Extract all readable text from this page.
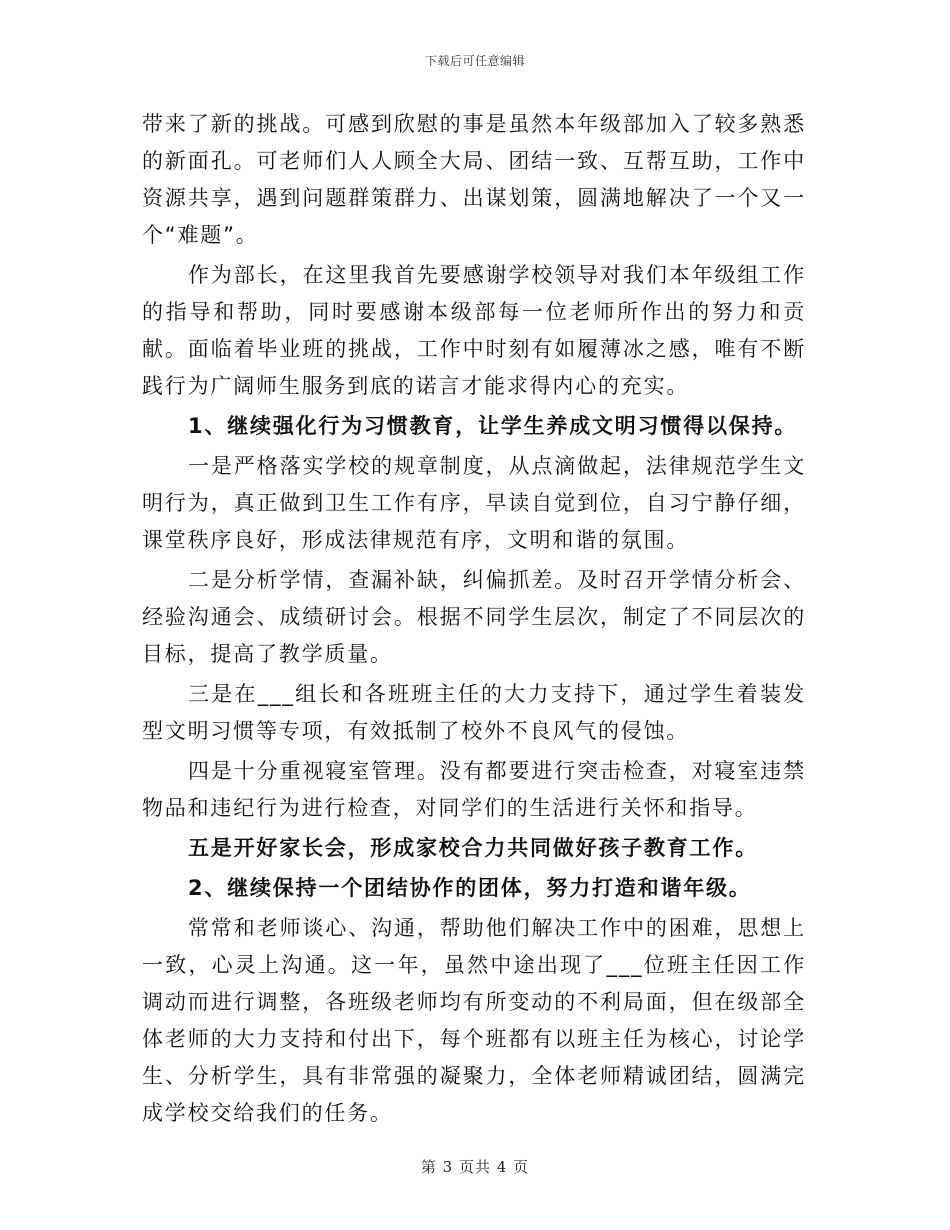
下载后可任意编辑

带来了新的挑战。可感到欣慰的事是虽然本年级部加入了较多熟悉的新面孔。可老师们人人顾全大局、团结一致、互帮互助，工作中资源共享，遇到问题群策群力、出谋划策，圆满地解决了一个又一个“难题”。

作为部长，在这里我首先要感谢学校领导对我们本年级组工作的指导和帮助，同时要感谢本级部每一位老师所作出的努力和贡献。面临着毕业班的挑战，工作中时刻有如履薄冰之感，唯有不断践行为广阔师生服务到底的诺言才能求得内心的充实。

1、继续强化行为习惯教育，让学生养成文明习惯得以保持。

一是严格落实学校的规章制度，从点滴做起，法律规范学生文明行为，真正做到卫生工作有序，早读自觉到位，自习宁静仔细，课堂秩序良好，形成法律规范有序，文明和谐的氛围。

二是分析学情，查漏补缺，纠偏抓差。及时召开学情分析会、经验沟通会、成绩研讨会。根据不同学生层次，制定了不同层次的目标，提高了教学质量。

三是在___组长和各班班主任的大力支持下，通过学生着装发型文明习惯等专项，有效抵制了校外不良风气的侵蚀。

四是十分重视寝室管理。没有都要进行突击检查，对寝室违禁物品和违纪行为进行检查，对同学们的生活进行关怀和指导。

五是开好家长会，形成家校合力共同做好孩子教育工作。

2、继续保持一个团结协作的团体，努力打造和谐年级。

常常和老师谈心、沟通，帮助他们解决工作中的困难，思想上一致，心灵上沟通。这一年，虽然中途出现了___位班主任因工作调动而进行调整，各班级老师均有所变动的不利局面，但在级部全体老师的大力支持和付出下，每个班都有以班主任为核心，讨论学生、分析学生，具有非常强的凝聚力，全体老师精诚团结，圆满完成学校交给我们的任务。

第 3 页共 4 页
